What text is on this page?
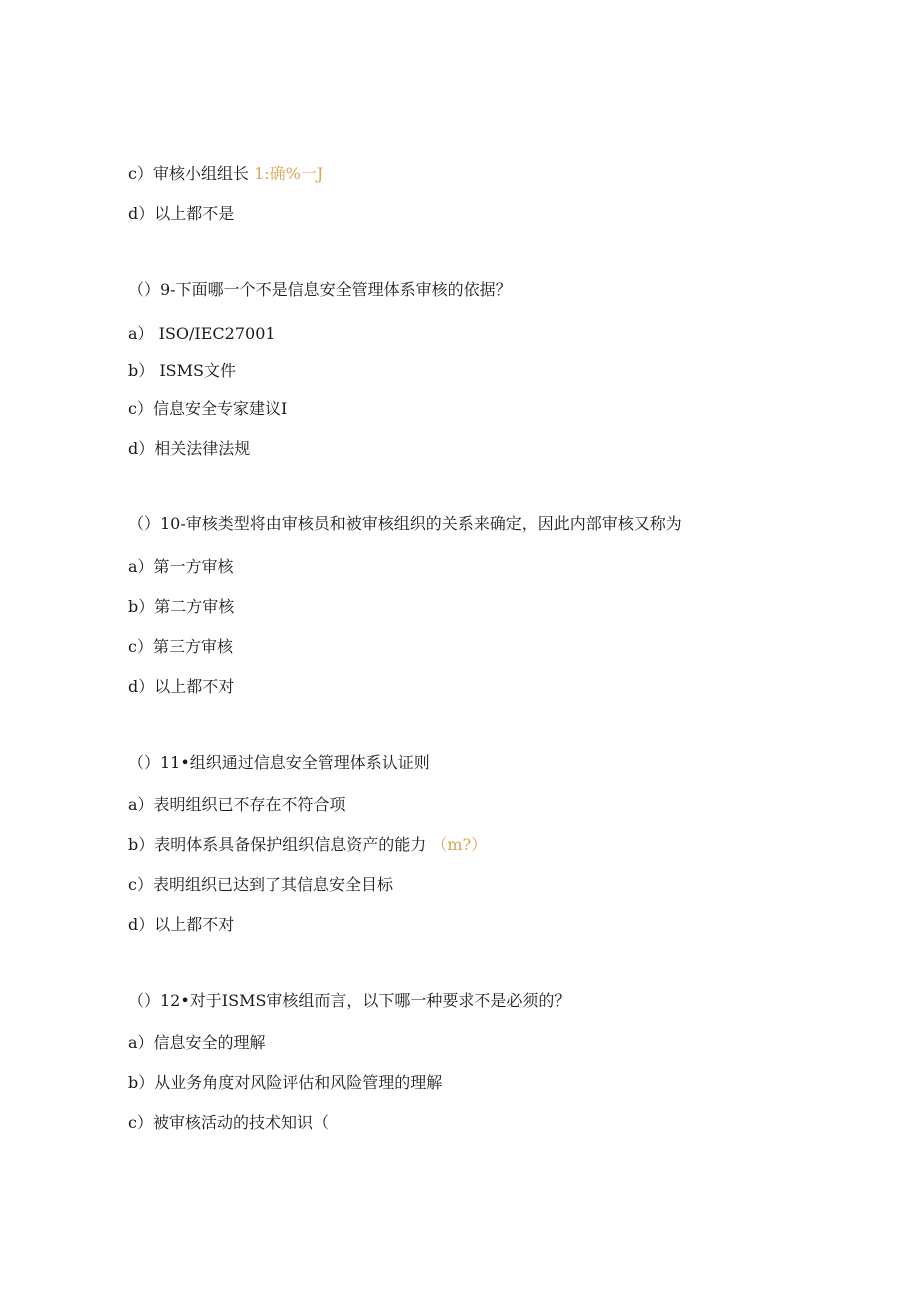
c）审核小组组长 1:确%一J
d）以上都不是
（）9-下面哪一个不是信息安全管理体系审核的依据？
a） ISO/IEC27001
b） ISMS文件
c）信息安全专家建议I
d）相关法律法规
（）10-审核类型将由审核员和被审核组织的关系来确定，因此内部审核又称为
a）第一方审核
b）第二方审核
c）第三方审核
d）以上都不对
（）11•组织通过信息安全管理体系认证则
a）表明组织已不存在不符合项
b）表明体系具备保护组织信息资产的能力 （m?）
c）表明组织已达到了其信息安全目标
d）以上都不对
（）12•对于ISMS审核组而言，以下哪一种要求不是必须的？
a）信息安全的理解
b）从业务角度对风险评估和风险管理的理解
c）被审核活动的技术知识（
